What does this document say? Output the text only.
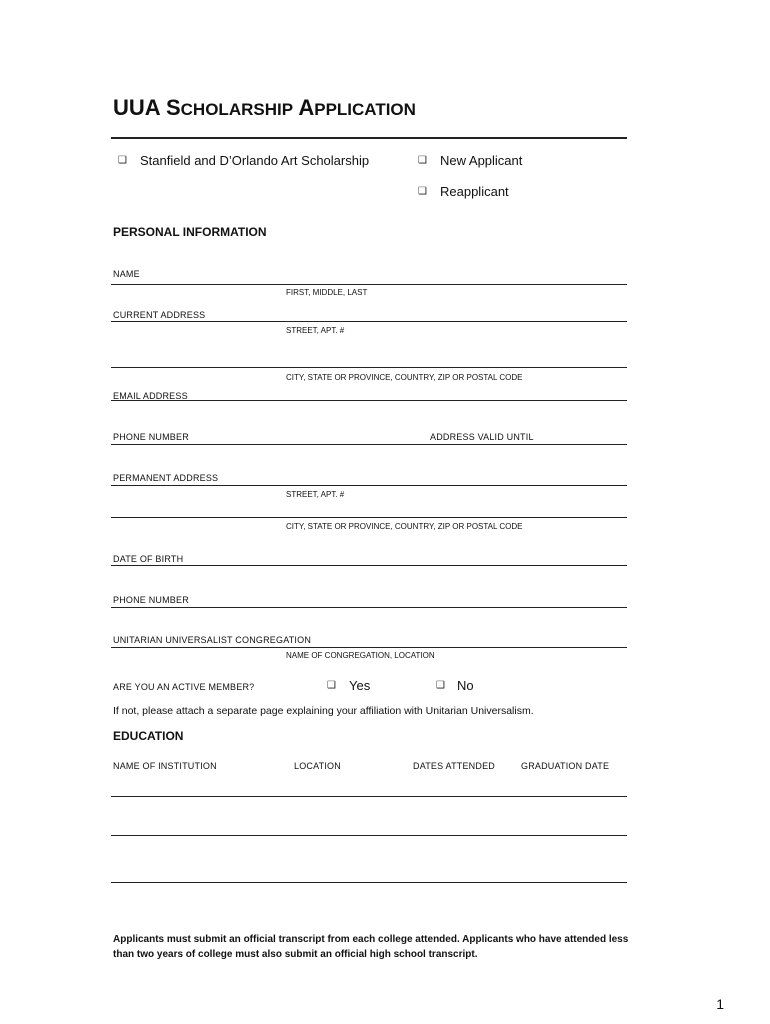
UUA SCHOLARSHIP APPLICATION
❑ Stanfield and D’Orlando Art Scholarship	❑ New Applicant
❑ Reapplicant
PERSONAL INFORMATION
NAME
FIRST, MIDDLE, LAST
CURRENT ADDRESS
STREET, APT. #
CITY, STATE OR PROVINCE, COUNTRY, ZIP OR POSTAL CODE
EMAIL ADDRESS
PHONE NUMBER	ADDRESS VALID UNTIL
PERMANENT ADDRESS
STREET, APT. #
CITY, STATE OR PROVINCE, COUNTRY, ZIP OR POSTAL CODE
DATE OF BIRTH
PHONE NUMBER
UNITARIAN UNIVERSALIST CONGREGATION
NAME OF CONGREGATION, LOCATION
ARE YOU AN ACTIVE MEMBER?	❑ Yes	❑ No
If not, please attach a separate page explaining your affiliation with Unitarian Universalism.
EDUCATION
NAME OF INSTITUTION	LOCATION	DATES ATTENDED	GRADUATION DATE
Applicants must submit an official transcript from each college attended. Applicants who have attended less than two years of college must also submit an official high school transcript.
1
